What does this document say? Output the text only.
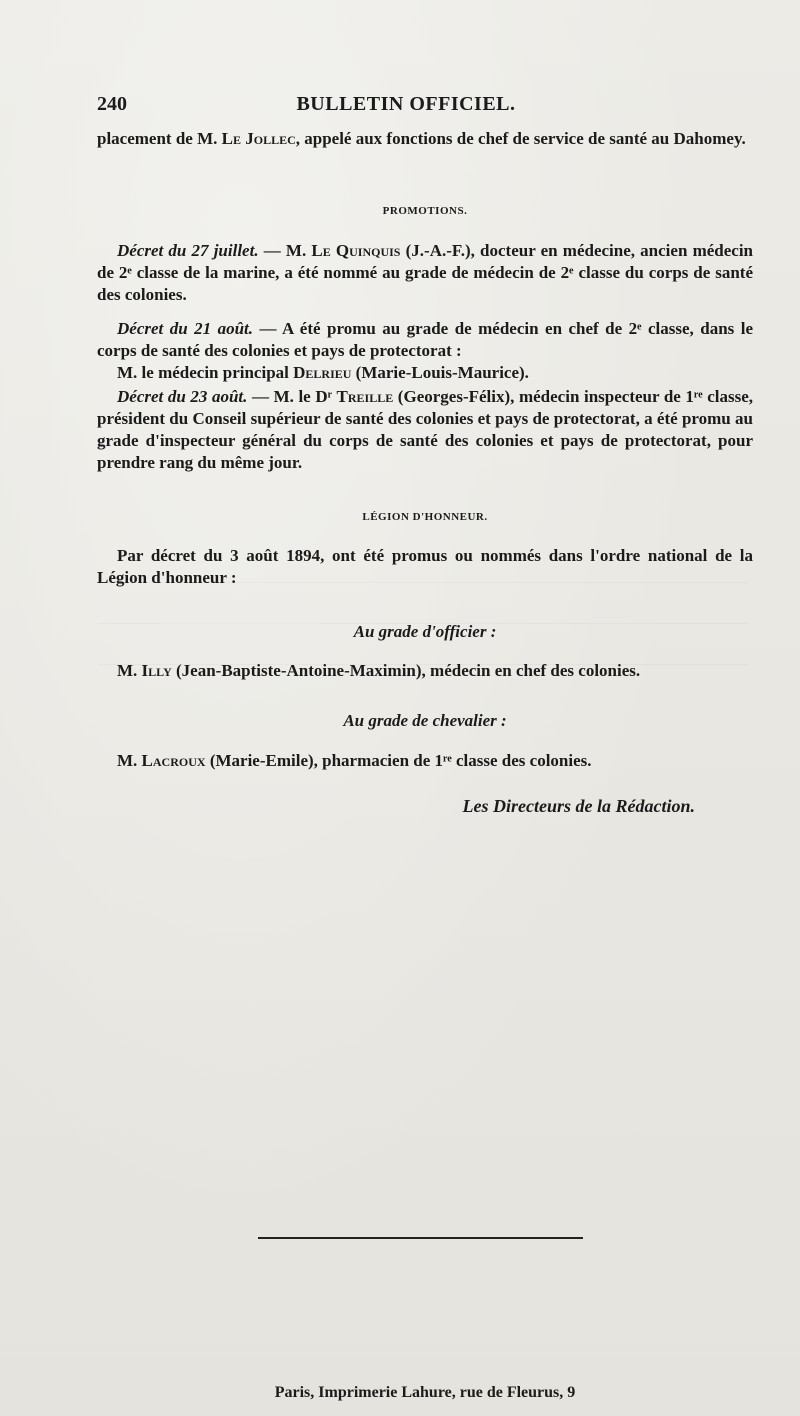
240	BULLETIN OFFICIEL.

placement de M. Le Jollec, appelé aux fonctions de chef de service de santé au Dahomey.

PROMOTIONS.

Décret du 27 juillet. — M. Le Quinquis (J.-A.-F.), docteur en médecine, ancien médecin de 2ᵉ classe de la marine, a été nommé au grade de médecin de 2ᵉ classe du corps de santé des colonies.

Décret du 21 août. — A été promu au grade de médecin en chef de 2ᵉ classe, dans le corps de santé des colonies et pays de protectorat :

M. le médecin principal Delrieu (Marie-Louis-Maurice).

Décret du 23 août. — M. le Dʳ Treille (Georges-Félix), médecin inspecteur de 1ʳᵉ classe, président du Conseil supérieur de santé des colonies et pays de protectorat, a été promu au grade d'inspecteur général du corps de santé des colonies et pays de protectorat, pour prendre rang du même jour.

LÉGION D'HONNEUR.

Par décret du 3 août 1894, ont été promus ou nommés dans l'ordre national de la Légion d'honneur :

Au grade d'officier :

M. Illy (Jean-Baptiste-Antoine-Maximin), médecin en chef des colonies.

Au grade de chevalier :

M. Lacroux (Marie-Emile), pharmacien de 1ʳᵉ classe des colonies.

Les Directeurs de la Rédaction.
Paris, Imprimerie Lahure, rue de Fleurus, 9
